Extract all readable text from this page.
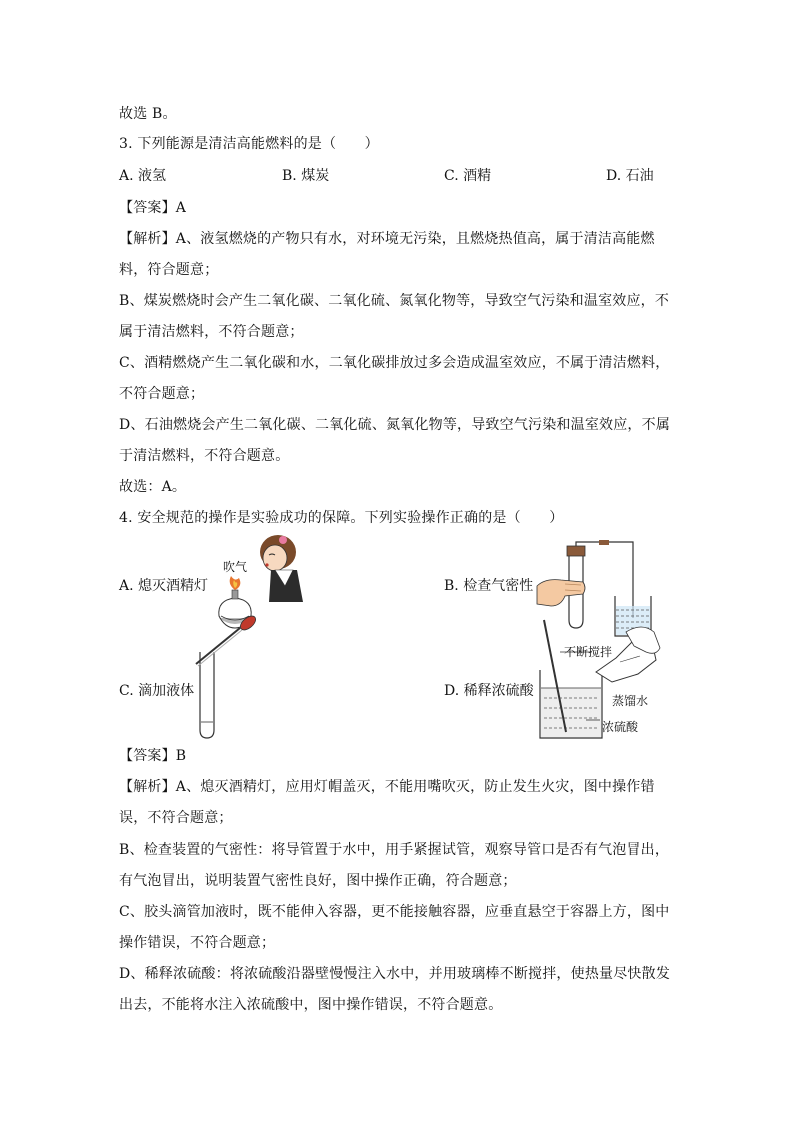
故选 B。
3. 下列能源是清洁高能燃料的是（　　）
A. 液氢	B. 煤炭	C. 酒精	D. 石油
【答案】A
【解析】A、液氢燃烧的产物只有水，对环境无污染，且燃烧热值高，属于清洁高能燃
料，符合题意；
B、煤炭燃烧时会产生二氧化碳、二氧化硫、氮氧化物等，导致空气污染和温室效应，不
属于清洁燃料，不符合题意；
C、酒精燃烧产生二氧化碳和水，二氧化碳排放过多会造成温室效应，不属于清洁燃料，
不符合题意；
D、石油燃烧会产生二氧化碳、二氧化硫、氮氧化物等，导致空气污染和温室效应，不属
于清洁燃料，不符合题意。
故选：A。
4. 安全规范的操作是实验成功的保障。下列实验操作正确的是（　　）
A. 熄灭酒精灯	B. 检查气密性
C. 滴加液体	D. 稀释浓硫酸
吹气
不断搅拌
蒸馏水
浓硫酸
【答案】B
【解析】A、熄灭酒精灯，应用灯帽盖灭，不能用嘴吹灭，防止发生火灾，图中操作错
误，不符合题意；
B、检查装置的气密性：将导管置于水中，用手紧握试管，观察导管口是否有气泡冒出，
有气泡冒出，说明装置气密性良好，图中操作正确，符合题意；
C、胶头滴管加液时，既不能伸入容器，更不能接触容器，应垂直悬空于容器上方，图中
操作错误，不符合题意；
D、稀释浓硫酸：将浓硫酸沿器壁慢慢注入水中，并用玻璃棒不断搅拌，使热量尽快散发
出去，不能将水注入浓硫酸中，图中操作错误，不符合题意。
